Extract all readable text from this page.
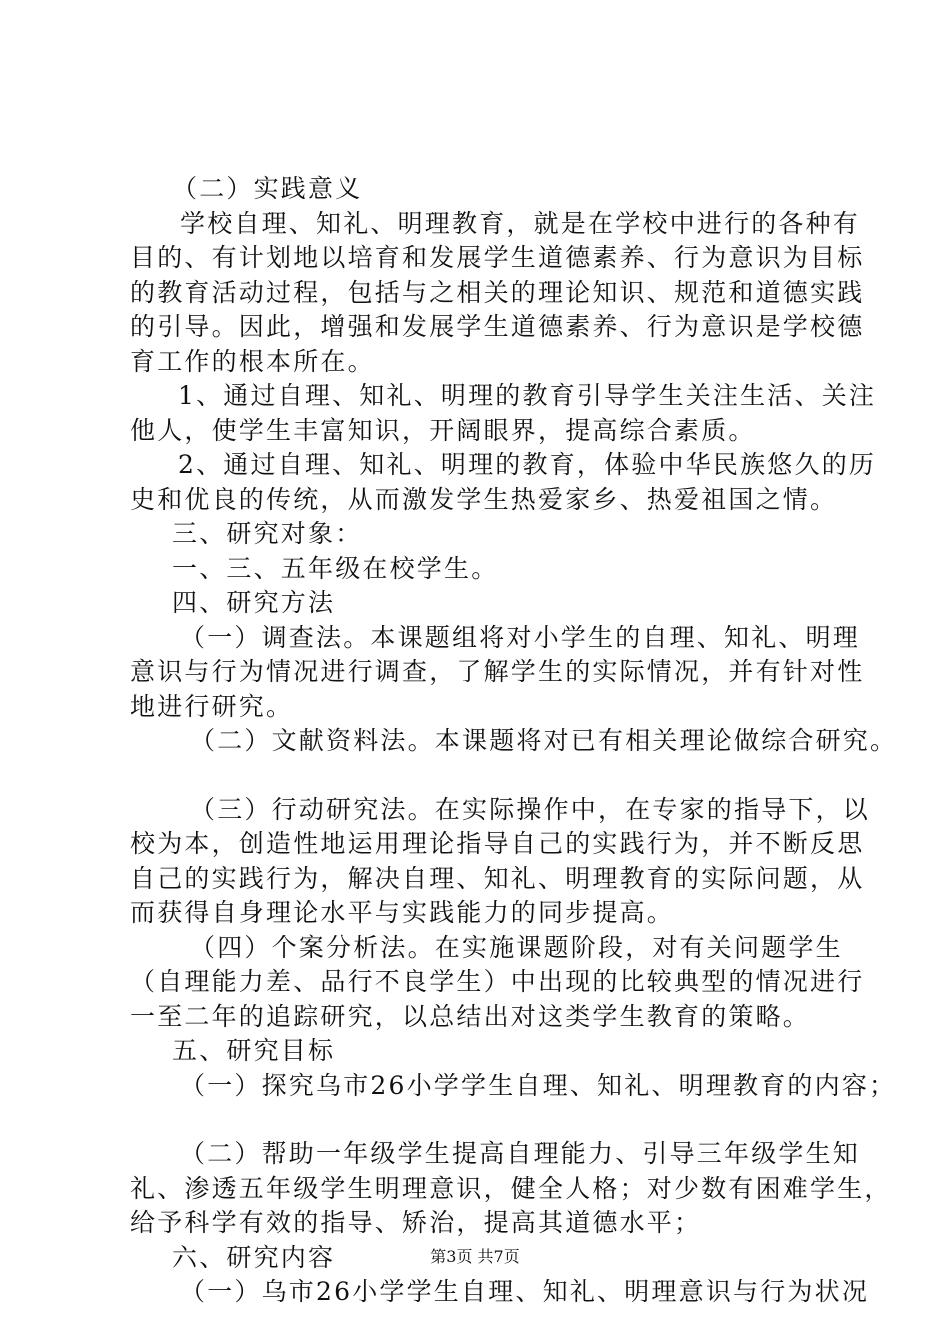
（二）实践意义
学校自理、知礼、明理教育，就是在学校中进行的各种有
目的、有计划地以培育和发展学生道德素养、行为意识为目标
的教育活动过程，包括与之相关的理论知识、规范和道德实践
的引导。因此，增强和发展学生道德素养、行为意识是学校德
育工作的根本所在。
1、通过自理、知礼、明理的教育引导学生关注生活、关注
他人，使学生丰富知识，开阔眼界，提高综合素质。
2、通过自理、知礼、明理的教育，体验中华民族悠久的历
史和优良的传统，从而激发学生热爱家乡、热爱祖国之情。
三、研究对象：
一、三、五年级在校学生。
四、研究方法
（一）调查法。本课题组将对小学生的自理、知礼、明理
意识与行为情况进行调查，了解学生的实际情况，并有针对性
地进行研究。
（二）文献资料法。本课题将对已有相关理论做综合研究。
（三）行动研究法。在实际操作中，在专家的指导下，以
校为本，创造性地运用理论指导自己的实践行为，并不断反思
自己的实践行为，解决自理、知礼、明理教育的实际问题，从
而获得自身理论水平与实践能力的同步提高。
（四）个案分析法。在实施课题阶段，对有关问题学生
（自理能力差、品行不良学生）中出现的比较典型的情况进行
一至二年的追踪研究，以总结出对这类学生教育的策略。
五、研究目标
（一）探究乌市26小学学生自理、知礼、明理教育的内容；
（二）帮助一年级学生提高自理能力、引导三年级学生知
礼、渗透五年级学生明理意识，健全人格；对少数有困难学生，
给予科学有效的指导、矫治，提高其道德水平；
六、研究内容
（一）乌市26小学学生自理、知礼、明理意识与行为状况
第3页 共7页
